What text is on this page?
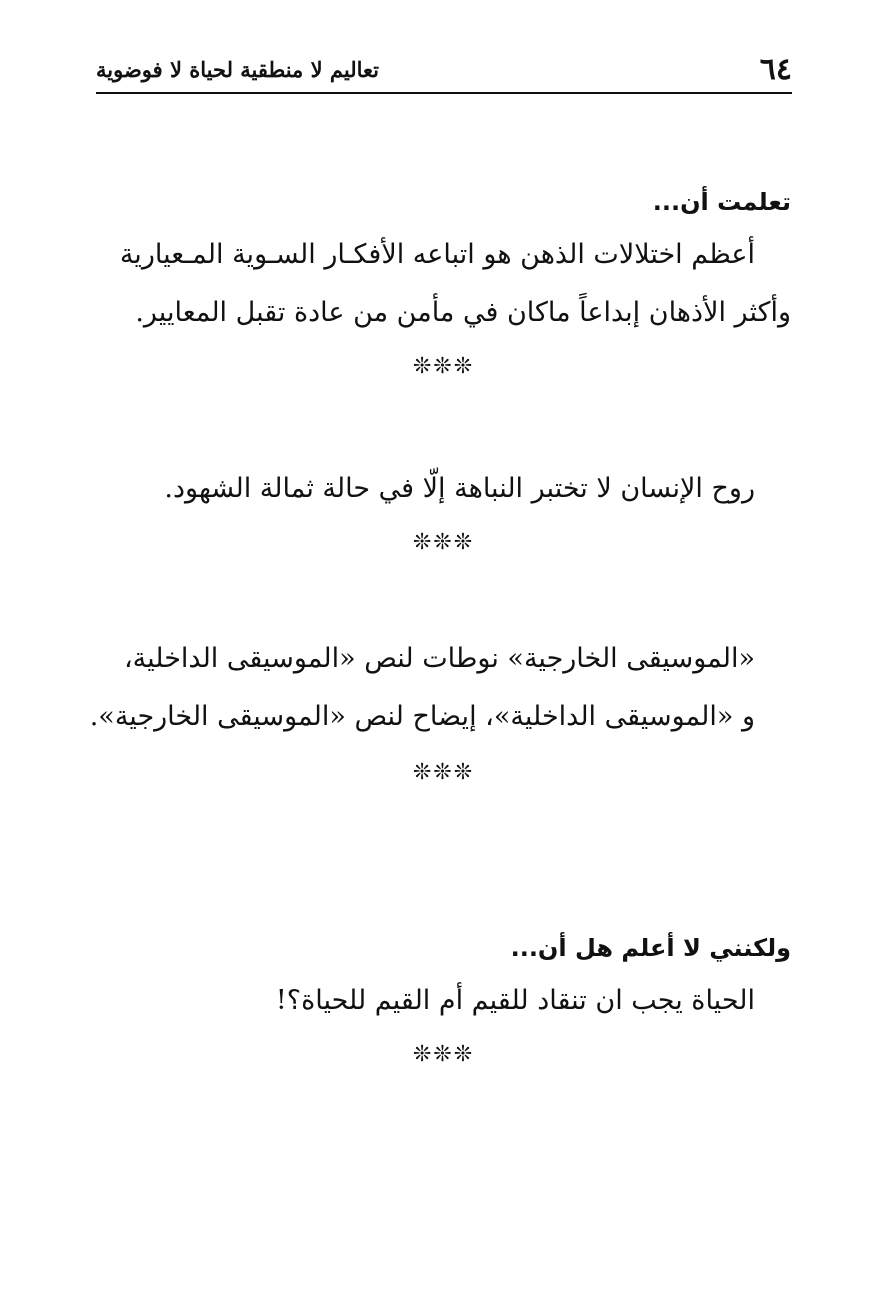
٦٤
تعاليم لا منطقية لحياة لا فوضوية
تعلمت أن...
أعظم اختلالات الذهن هو اتباعه الأفكـار السـوية المـعيارية
وأكثر الأذهان إبداعاً ماكان في مأمن من عادة تقبل المعايير.
❊❊❊
روح الإنسان لا تختبر النباهة إلّا في حالة ثمالة الشهود.
❊❊❊
«الموسيقى الخارجية» نوطات لنص «الموسيقى الداخلية،
و «الموسيقى الداخلية»، إيضاح لنص «الموسيقى الخارجية».
❊❊❊
ولكنني لا أعلم هل أن...
الحياة يجب ان تنقاد للقيم أم القيم للحياة؟!
❊❊❊
